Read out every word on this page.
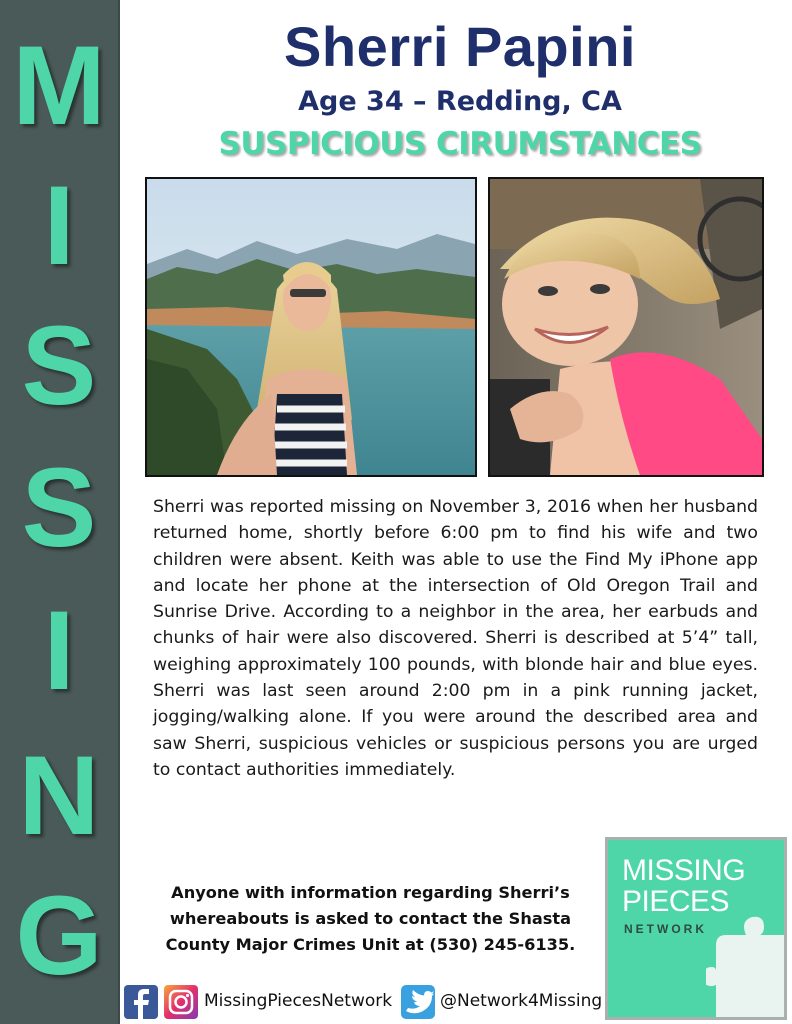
M
I
S
S
I
N
G
Sherri Papini
Age 34 – Redding, CA
SUSPICIOUS CIRUMSTANCES

Sherri was reported missing on November 3, 2016 when her husband returned home, shortly before 6:00 pm to find his wife and two children were absent. Keith was able to use the Find My iPhone app and locate her phone at the intersection of Old Oregon Trail and Sunrise Drive. According to a neighbor in the area, her earbuds and chunks of hair were also discovered. Sherri is described at 5’4” tall, weighing approximately 100 pounds, with blonde hair and blue eyes. Sherri was last seen around 2:00 pm in a pink running jacket, jogging/walking alone. If you were around the described area and saw Sherri, suspicious vehicles or suspicious persons you are urged to contact authorities immediately.

Anyone with information regarding Sherri’s whereabouts is asked to contact the Shasta County Major Crimes Unit at (530) 245-6135.
MISSING
PIECES
NETWORK
MissingPiecesNetwork	@Network4Missing
